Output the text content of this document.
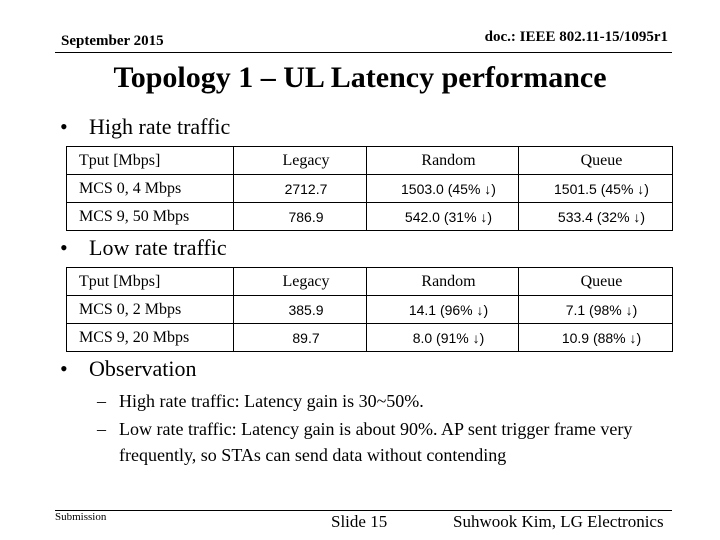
September 2015	doc.: IEEE 802.11-15/1095r1
Topology 1 – UL Latency performance
• High rate traffic
Tput [Mbps]	Legacy	Random	Queue
MCS 0, 4 Mbps	2712.7	1503.0 (45% ↓)	1501.5 (45% ↓)
MCS 9, 50 Mbps	786.9	542.0 (31% ↓)	533.4 (32% ↓)
• Low rate traffic
Tput [Mbps]	Legacy	Random	Queue
MCS 0, 2 Mbps	385.9	14.1 (96% ↓)	7.1 (98% ↓)
MCS 9, 20 Mbps	89.7	8.0 (91% ↓)	10.9 (88% ↓)
• Observation
– High rate traffic: Latency gain is 30~50%.
– Low rate traffic: Latency gain is about 90%. AP sent trigger frame very frequently, so STAs can send data without contending
Submission	Slide 15	Suhwook Kim, LG Electronics
